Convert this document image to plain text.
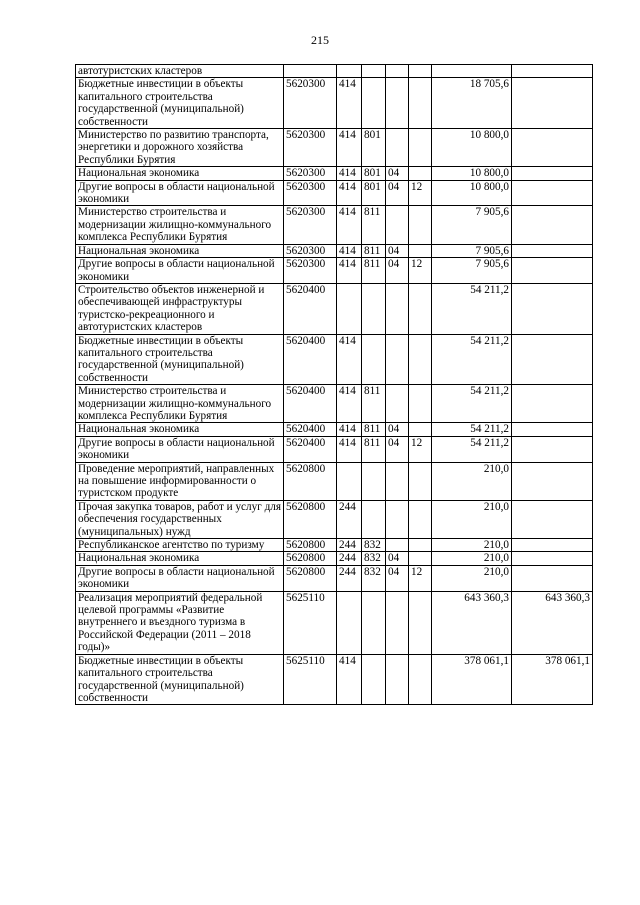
215
автотуристских кластеров							
Бюджетные инвестиции в объекты капитального строительства государственной (муниципальной) собственности	5620300	414				18 705,6	
Министерство по развитию транспорта, энергетики и дорожного хозяйства Республики Бурятия	5620300	414	801			10 800,0	
Национальная экономика	5620300	414	801	04		10 800,0	
Другие вопросы в области национальной экономики	5620300	414	801	04	12	10 800,0	
Министерство строительства и модернизации жилищно-коммунального комплекса Республики Бурятия	5620300	414	811			7 905,6	
Национальная экономика	5620300	414	811	04		7 905,6	
Другие вопросы в области национальной экономики	5620300	414	811	04	12	7 905,6	
Строительство объектов инженерной и обеспечивающей инфраструктуры туристско-рекреационного и автотуристских кластеров	5620400					54 211,2	
Бюджетные инвестиции в объекты капитального строительства государственной (муниципальной) собственности	5620400	414				54 211,2	
Министерство строительства и модернизации жилищно-коммунального комплекса Республики Бурятия	5620400	414	811			54 211,2	
Национальная экономика	5620400	414	811	04		54 211,2	
Другие вопросы в области национальной экономики	5620400	414	811	04	12	54 211,2	
Проведение мероприятий, направленных на повышение информированности о туристском продукте	5620800					210,0	
Прочая закупка товаров, работ и услуг для обеспечения государственных (муниципальных) нужд	5620800	244				210,0	
Республиканское агентство по туризму	5620800	244	832			210,0	
Национальная экономика	5620800	244	832	04		210,0	
Другие вопросы в области национальной экономики	5620800	244	832	04	12	210,0	
Реализация мероприятий федеральной целевой программы «Развитие внутреннего и въездного туризма в Российской Федерации (2011 – 2018 годы)»	5625110					643 360,3	643 360,3
Бюджетные инвестиции в объекты капитального строительства государственной (муниципальной) собственности	5625110	414				378 061,1	378 061,1
